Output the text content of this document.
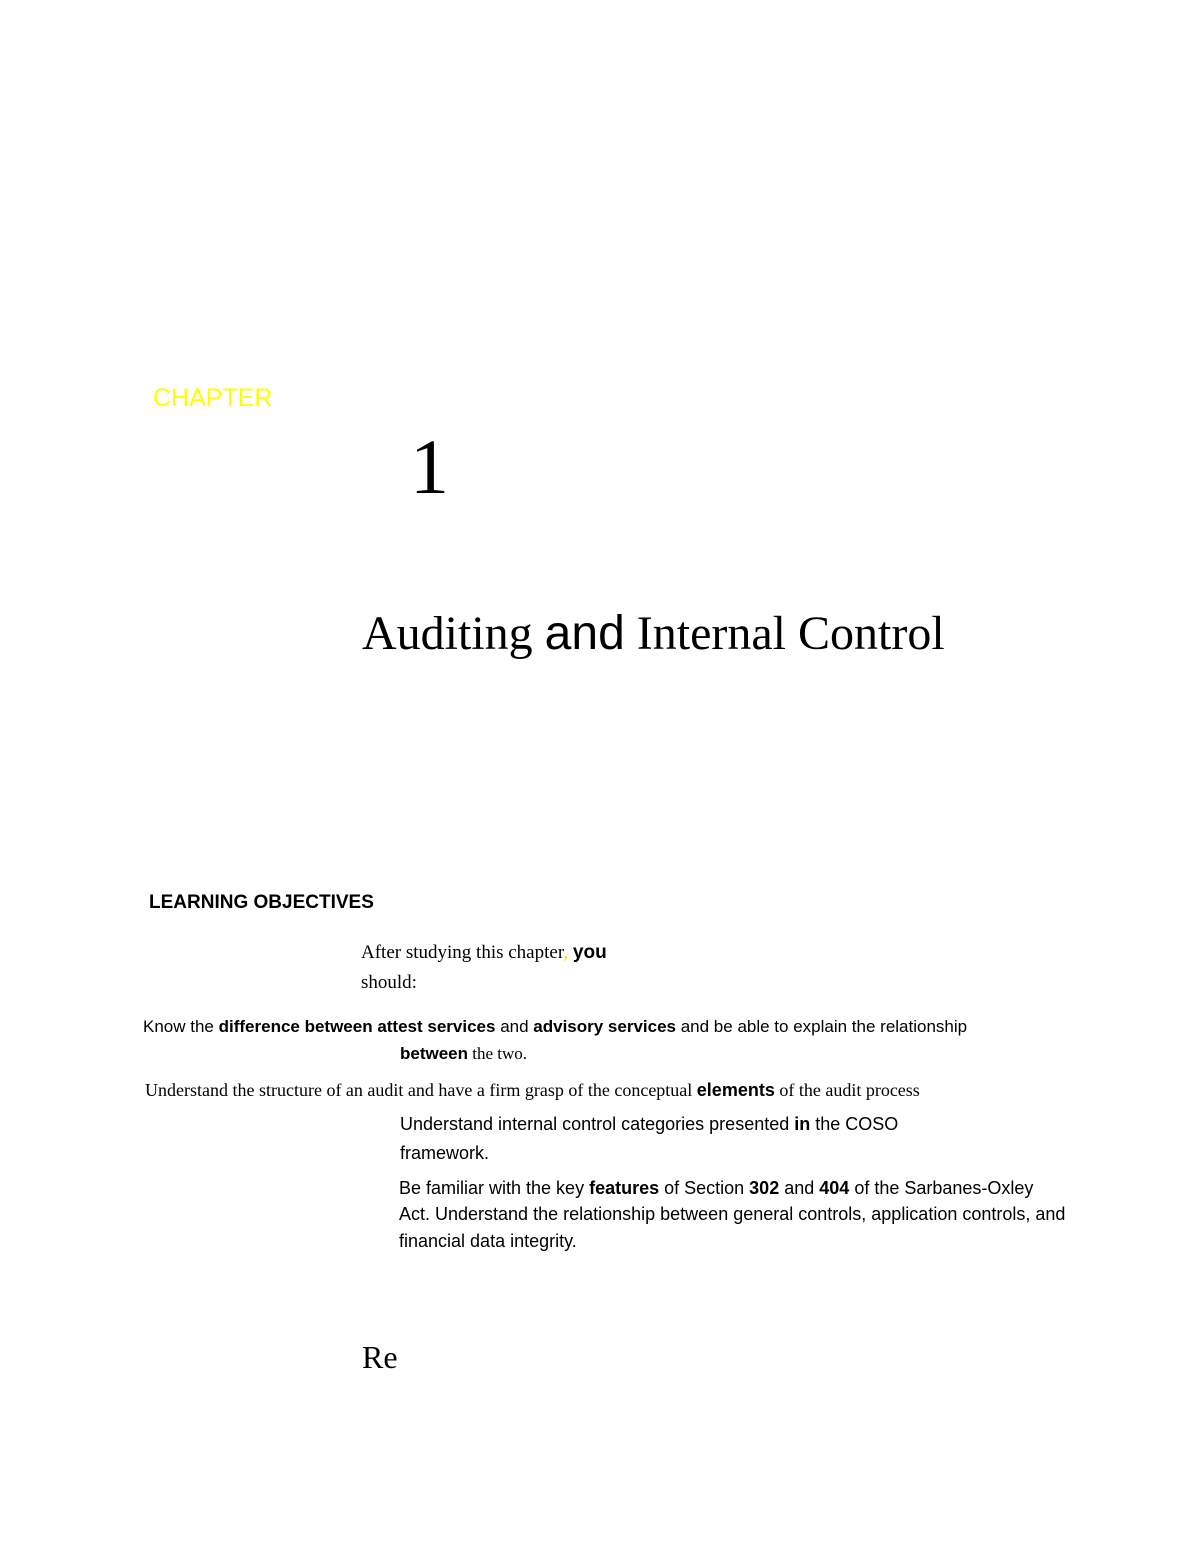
CHAPTER
1
Auditing and Internal Control
LEARNING OBJECTIVES
After studying this chapter, you
should:
Know the difference between attest services and advisory services and be able to explain the relationship
between the two.
Understand the structure of an audit and have a firm grasp of the conceptual elements of the audit process
Understand internal control categories presented in the COSO
framework.
Be familiar with the key features of Section 302 and 404 of the Sarbanes-Oxley
Act. Understand the relationship between general controls, application controls, and
financial data integrity.
Re
